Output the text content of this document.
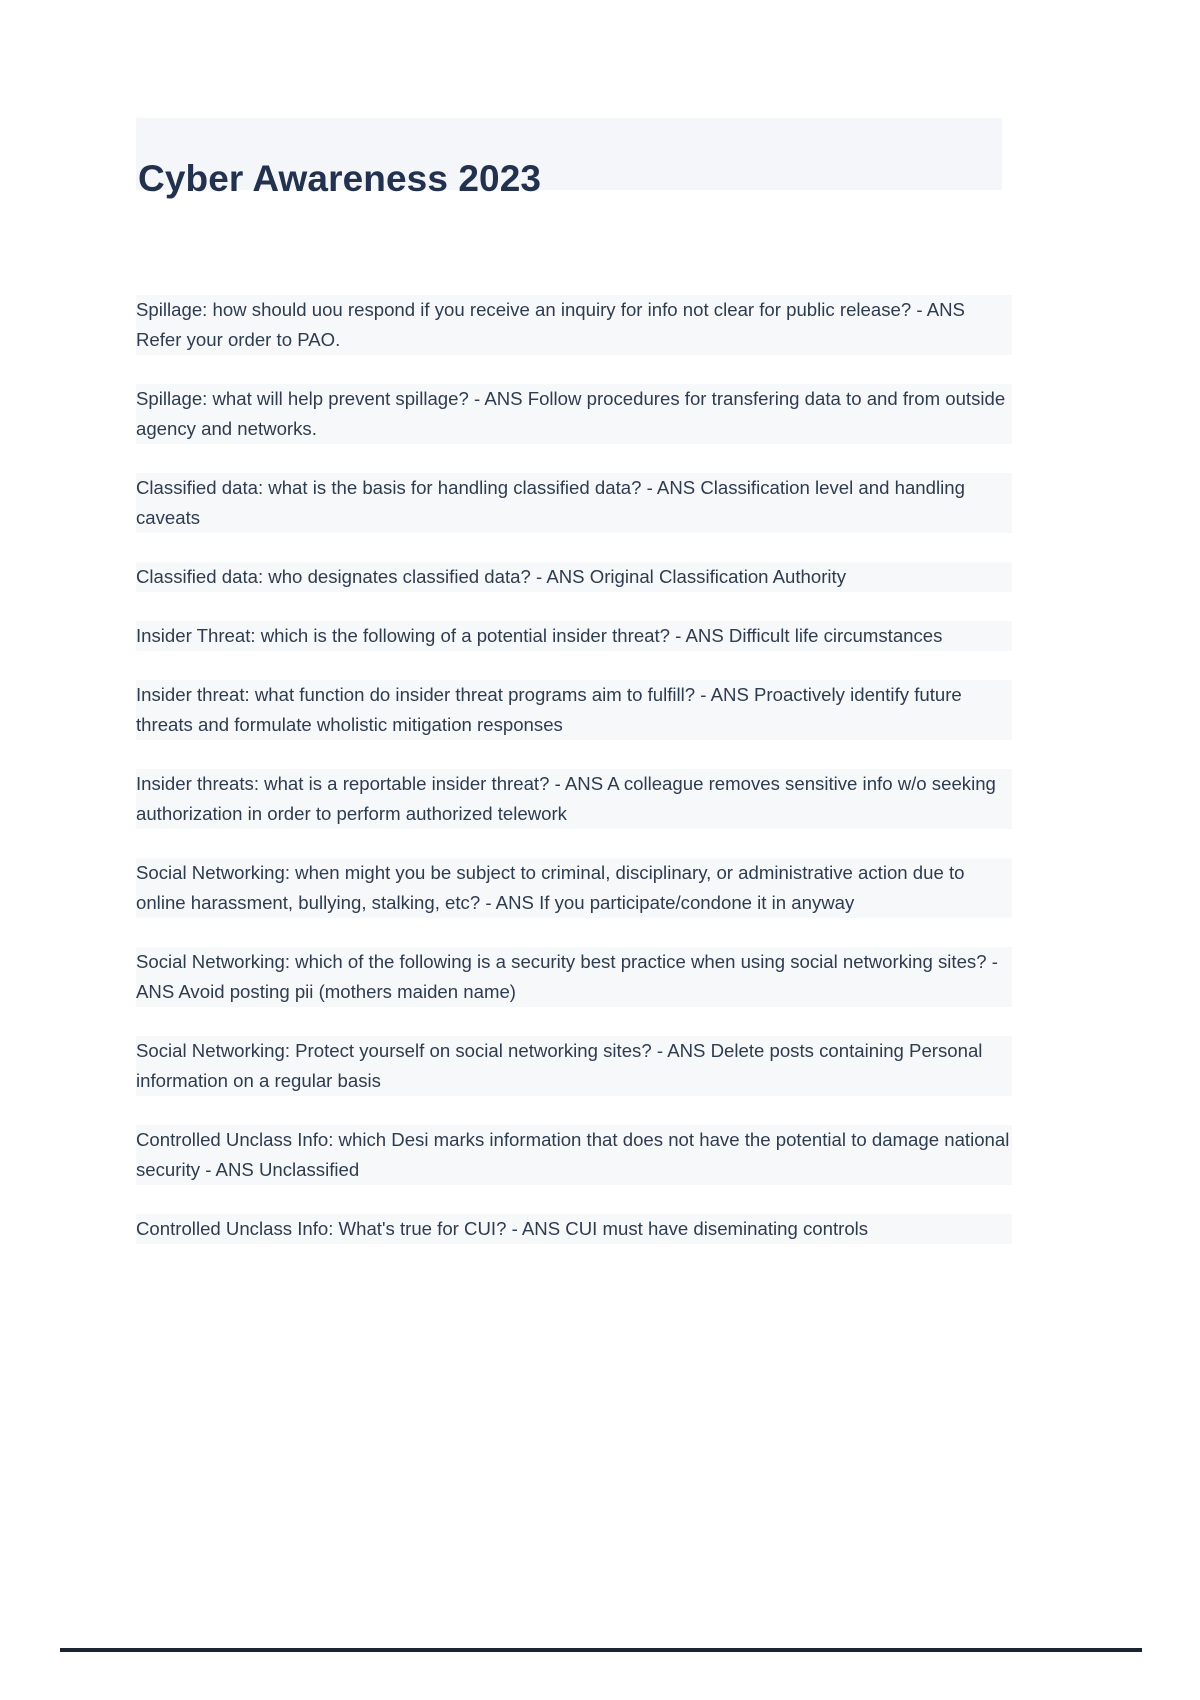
Cyber Awareness 2023

Spillage: how should uou respond if you receive an inquiry for info not clear for public release? - ANS Refer your order to PAO.

Spillage: what will help prevent spillage? - ANS Follow procedures for transfering data to and from outside agency and networks.

Classified data: what is the basis for handling classified data? - ANS Classification level and handling caveats

Classified data: who designates classified data? - ANS Original Classification Authority

Insider Threat: which is the following of a potential insider threat? - ANS Difficult life circumstances

Insider threat: what function do insider threat programs aim to fulfill? - ANS Proactively identify future threats and formulate wholistic mitigation responses

Insider threats: what is a reportable insider threat? - ANS A colleague removes sensitive info w/o seeking authorization in order to perform authorized telework

Social Networking: when might you be subject to criminal, disciplinary, or administrative action due to online harassment, bullying, stalking, etc? - ANS If you participate/condone it in anyway

Social Networking: which of the following is a security best practice when using social networking sites? - ANS Avoid posting pii (mothers maiden name)

Social Networking: Protect yourself on social networking sites? - ANS Delete posts containing Personal information on a regular basis

Controlled Unclass Info: which Desi marks information that does not have the potential to damage national security - ANS Unclassified

Controlled Unclass Info: What's true for CUI? - ANS CUI must have diseminating controls
